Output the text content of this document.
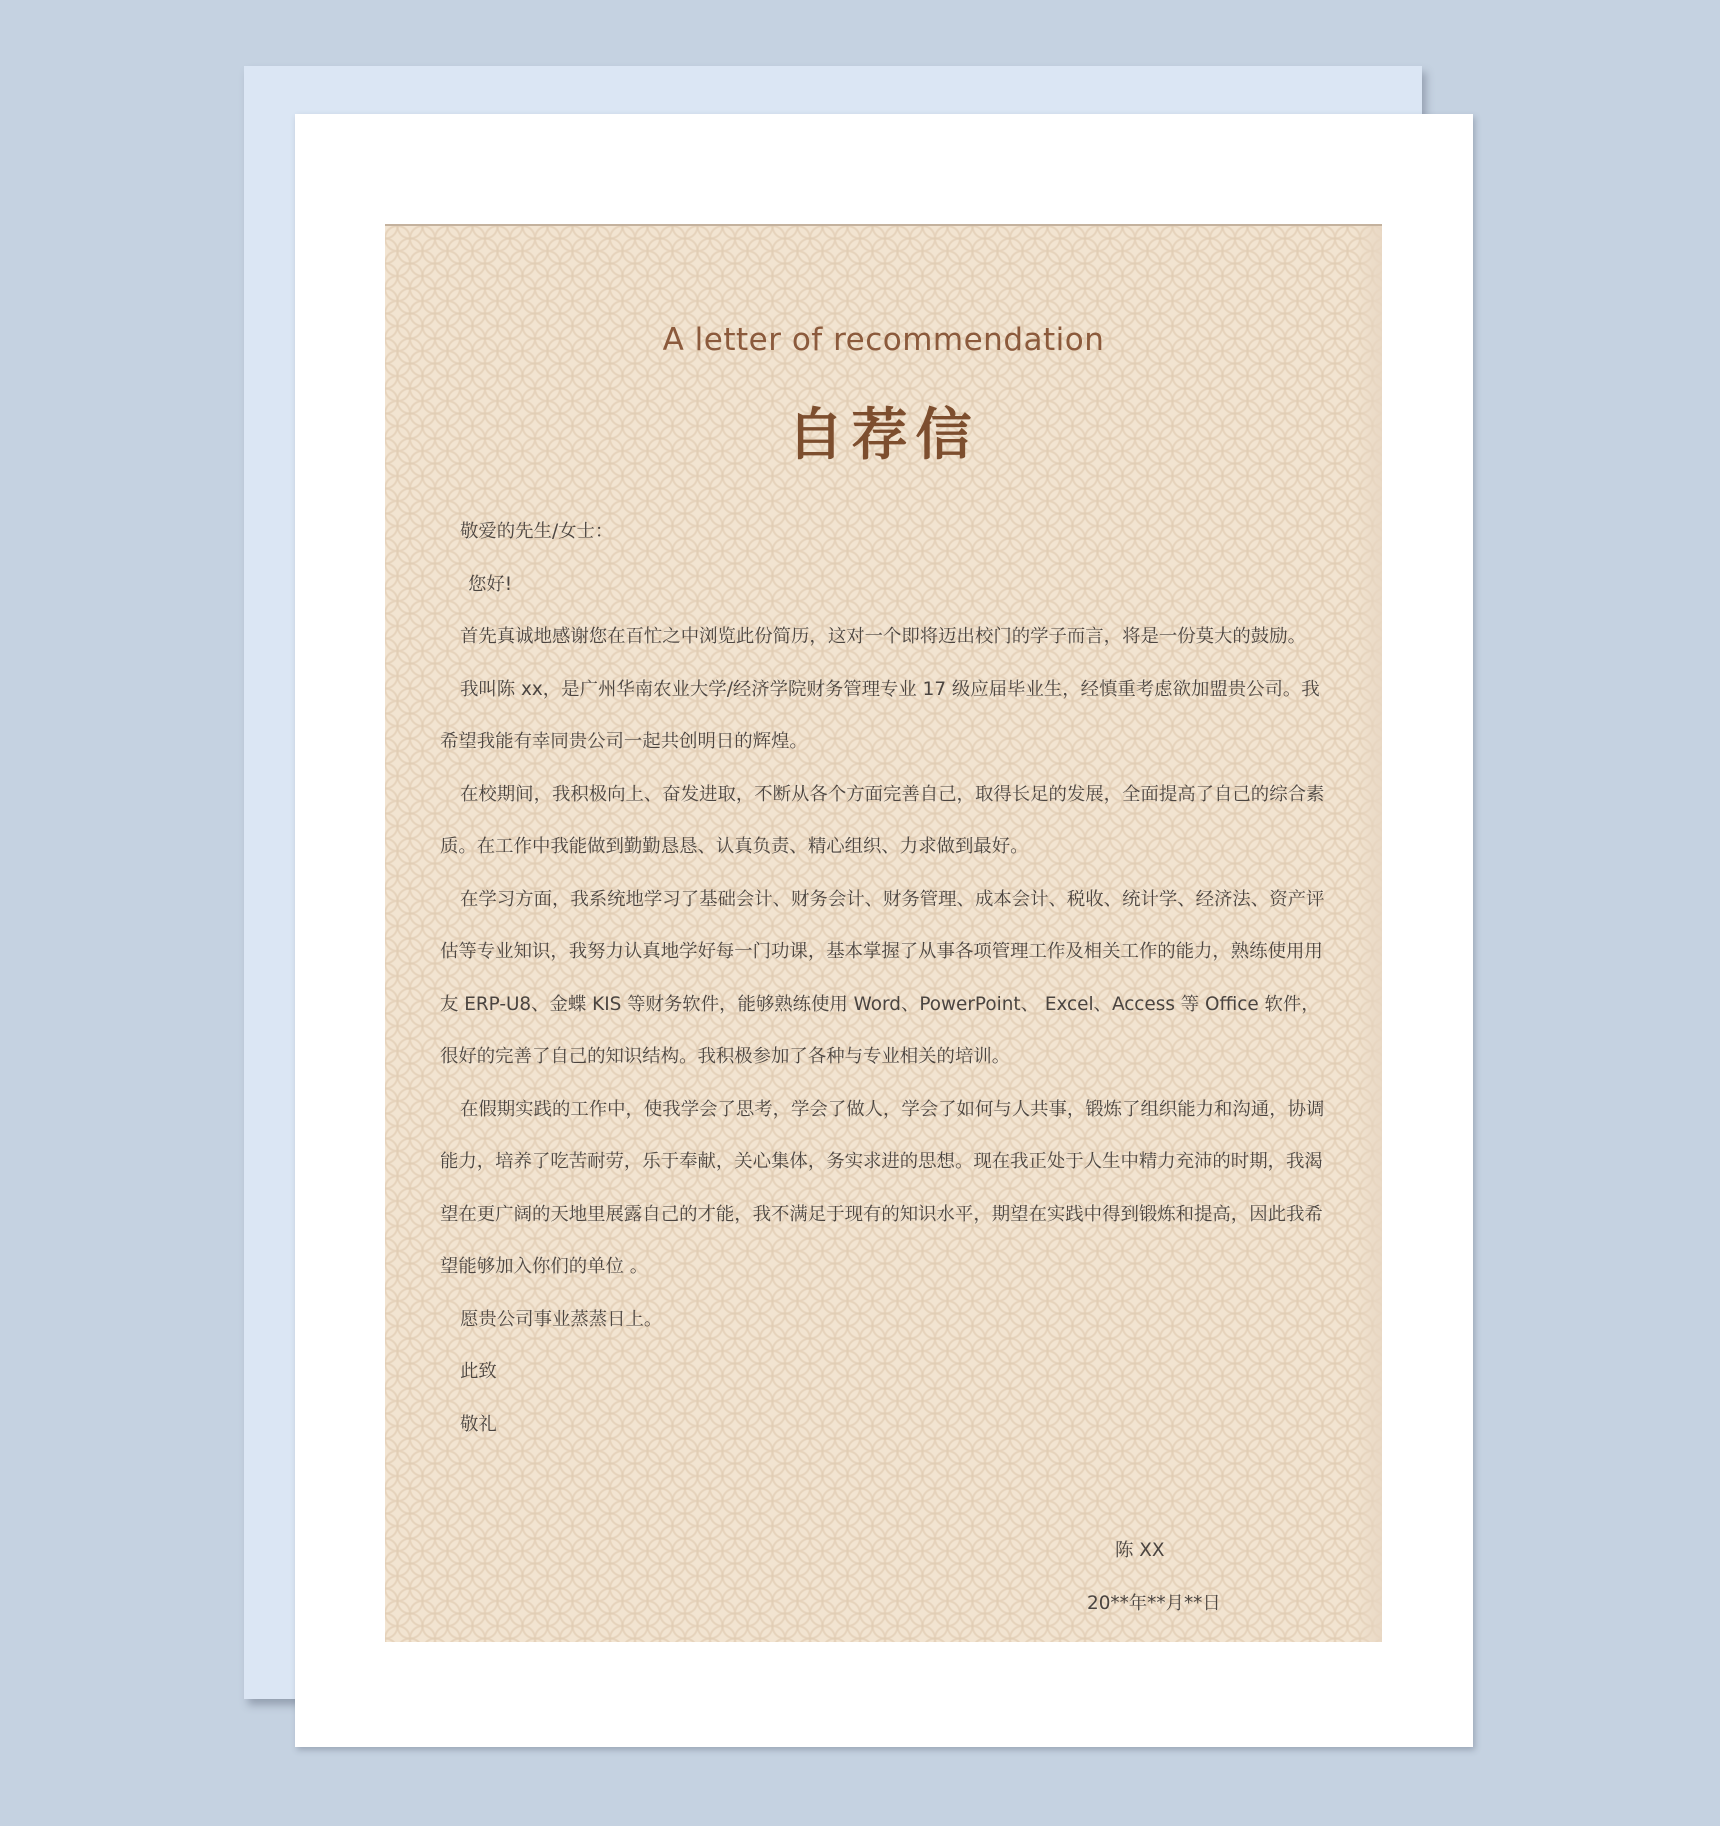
A letter of recommendation
自荐信

敬爱的先生/女士：

您好!

首先真诚地感谢您在百忙之中浏览此份简历，这对一个即将迈出校门的学子而言，将是一份莫大的鼓励。

我叫陈 xx，是广州华南农业大学/经济学院财务管理专业 17 级应届毕业生，经慎重考虑欲加盟贵公司。我希望我能有幸同贵公司一起共创明日的辉煌。

在校期间，我积极向上、奋发进取，不断从各个方面完善自己，取得长足的发展，全面提高了自己的综合素质。在工作中我能做到勤勤恳恳、认真负责、精心组织、力求做到最好。

在学习方面，我系统地学习了基础会计、财务会计、财务管理、成本会计、税收、统计学、经济法、资产评估等专业知识，我努力认真地学好每一门功课，基本掌握了从事各项管理工作及相关工作的能力，熟练使用用友 ERP-U8、金蝶 KIS 等财务软件，能够熟练使用 Word、PowerPoint、 Excel、Access 等 Office 软件，很好的完善了自己的知识结构。我积极参加了各种与专业相关的培训。

在假期实践的工作中，使我学会了思考，学会了做人，学会了如何与人共事，锻炼了组织能力和沟通，协调能力，培养了吃苦耐劳，乐于奉献，关心集体，务实求进的思想。现在我正处于人生中精力充沛的时期，我渴望在更广阔的天地里展露自己的才能，我不满足于现有的知识水平，期望在实践中得到锻炼和提高，因此我希望能够加入你们的单位 。

愿贵公司事业蒸蒸日上。

此致

敬礼

陈 XX
20**年**月**日
